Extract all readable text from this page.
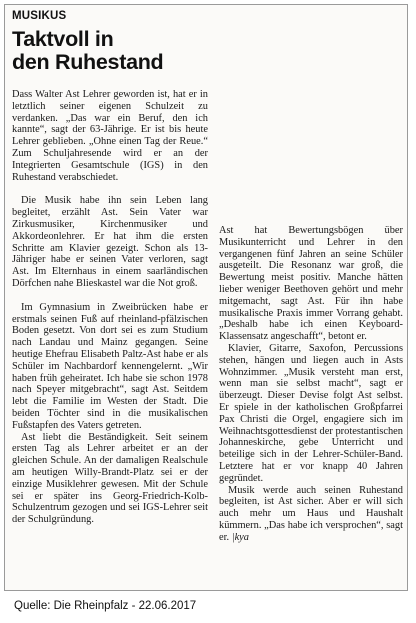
MUSIKUS
Taktvoll in
den Ruhestand

Dass Walter Ast Lehrer geworden ist, hat er in letztlich seiner eigenen Schulzeit zu verdanken. „Das war ein Beruf, den ich kannte“, sagt der 63-Jährige. Er ist bis heute Lehrer geblieben. „Ohne einen Tag der Reue.“ Zum Schuljahresende wird er an der Integrierten Gesamtschule (IGS) in den Ruhestand verabschiedet.

Die Musik habe ihn sein Leben lang begleitet, erzählt Ast. Sein Vater war Zirkusmusiker, Kirchenmusiker und Akkordeonlehrer. Er hat ihm die ersten Schritte am Klavier gezeigt. Schon als 13-Jähriger habe er seinen Vater verloren, sagt Ast. Im Elternhaus in einem saarländischen Dörfchen nahe Blieskastel war die Not groß.

Im Gymnasium in Zweibrücken habe er erstmals seinen Fuß auf rheinland-pfälzischen Boden gesetzt. Von dort sei es zum Studium nach Landau und Mainz gegangen. Seine heutige Ehefrau Elisabeth Paltz-Ast habe er als Schüler im Nachbardorf kennengelernt. „Wir haben früh geheiratet. Ich habe sie schon 1978 nach Speyer mitgebracht“, sagt Ast. Seitdem lebt die Familie im Westen der Stadt. Die beiden Töchter sind in die musikalischen Fußstapfen des Vaters getreten.

Ast liebt die Beständigkeit. Seit seinem ersten Tag als Lehrer arbeitet er an der gleichen Schule. An der damaligen Realschule am heutigen Willy-Brandt-Platz sei er der einzige Musiklehrer gewesen. Mit der Schule sei er später ins Georg-Friedrich-Kolb-Schulzentrum gezogen und sei IGS-Lehrer seit der Schulgründung.

Ast hat Bewertungsbögen über Musikunterricht und Lehrer in den vergangenen fünf Jahren an seine Schüler ausgeteilt. Die Resonanz war groß, die Bewertung meist positiv. Manche hätten lieber weniger Beethoven gehört und mehr mitgemacht, sagt Ast. Für ihn habe musikalische Praxis immer Vorrang gehabt. „Deshalb habe ich einen Keyboard-Klassensatz angeschafft“, betont er.

Klavier, Gitarre, Saxofon, Percussions stehen, hängen und liegen auch in Asts Wohnzimmer. „Musik versteht man erst, wenn man sie selbst macht“, sagt er überzeugt. Dieser Devise folgt Ast selbst. Er spiele in der katholischen Großpfarrei Pax Christi die Orgel, engagiere sich im Weihnachtsgottesdienst der protestantischen Johanneskirche, gebe Unterricht und beteilige sich in der Lehrer-Schüler-Band. Letztere hat er vor knapp 40 Jahren gegründet.

Musik werde auch seinen Ruhestand begleiten, ist Ast sicher. Aber er will sich auch mehr um Haus und Haushalt kümmern. „Das habe ich versprochen“, sagt er. |kya

Quelle: Die Rheinpfalz - 22.06.2017
